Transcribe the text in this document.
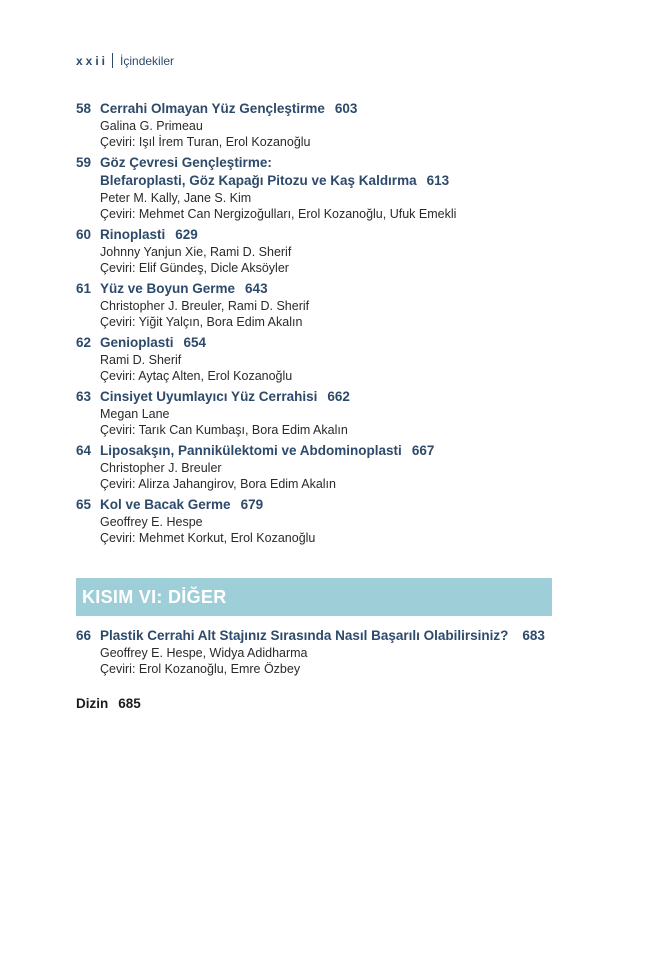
xxii İçindekiler
58 Cerrahi Olmayan Yüz Gençleştirme 603
Galina G. Primeau
Çeviri: Işıl İrem Turan, Erol Kozanoğlu
59 Göz Çevresi Gençleştirme:
Blefaroplasti, Göz Kapağı Pitozu ve Kaş Kaldırma 613
Peter M. Kally, Jane S. Kim
Çeviri: Mehmet Can Nergizoğulları, Erol Kozanoğlu, Ufuk Emekli
60 Rinoplasti 629
Johnny Yanjun Xie, Rami D. Sherif
Çeviri: Elif Gündeş, Dicle Aksöyler
61 Yüz ve Boyun Germe 643
Christopher J. Breuler, Rami D. Sherif
Çeviri: Yiğit Yalçın, Bora Edim Akalın
62 Genioplasti 654
Rami D. Sherif
Çeviri: Aytaç Alten, Erol Kozanoğlu
63 Cinsiyet Uyumlayıcı Yüz Cerrahisi 662
Megan Lane
Çeviri: Tarık Can Kumbaşı, Bora Edim Akalın
64 Liposakşın, Pannikülektomi ve Abdominoplasti 667
Christopher J. Breuler
Çeviri: Alirza Jahangirov, Bora Edim Akalın
65 Kol ve Bacak Germe 679
Geoffrey E. Hespe
Çeviri: Mehmet Korkut, Erol Kozanoğlu
KISIM VI: DİĞER
66 Plastik Cerrahi Alt Stajınız Sırasında Nasıl Başarılı Olabilirsiniz? 683
Geoffrey E. Hespe, Widya Adidharma
Çeviri: Erol Kozanoğlu, Emre Özbey
Dizin 685
